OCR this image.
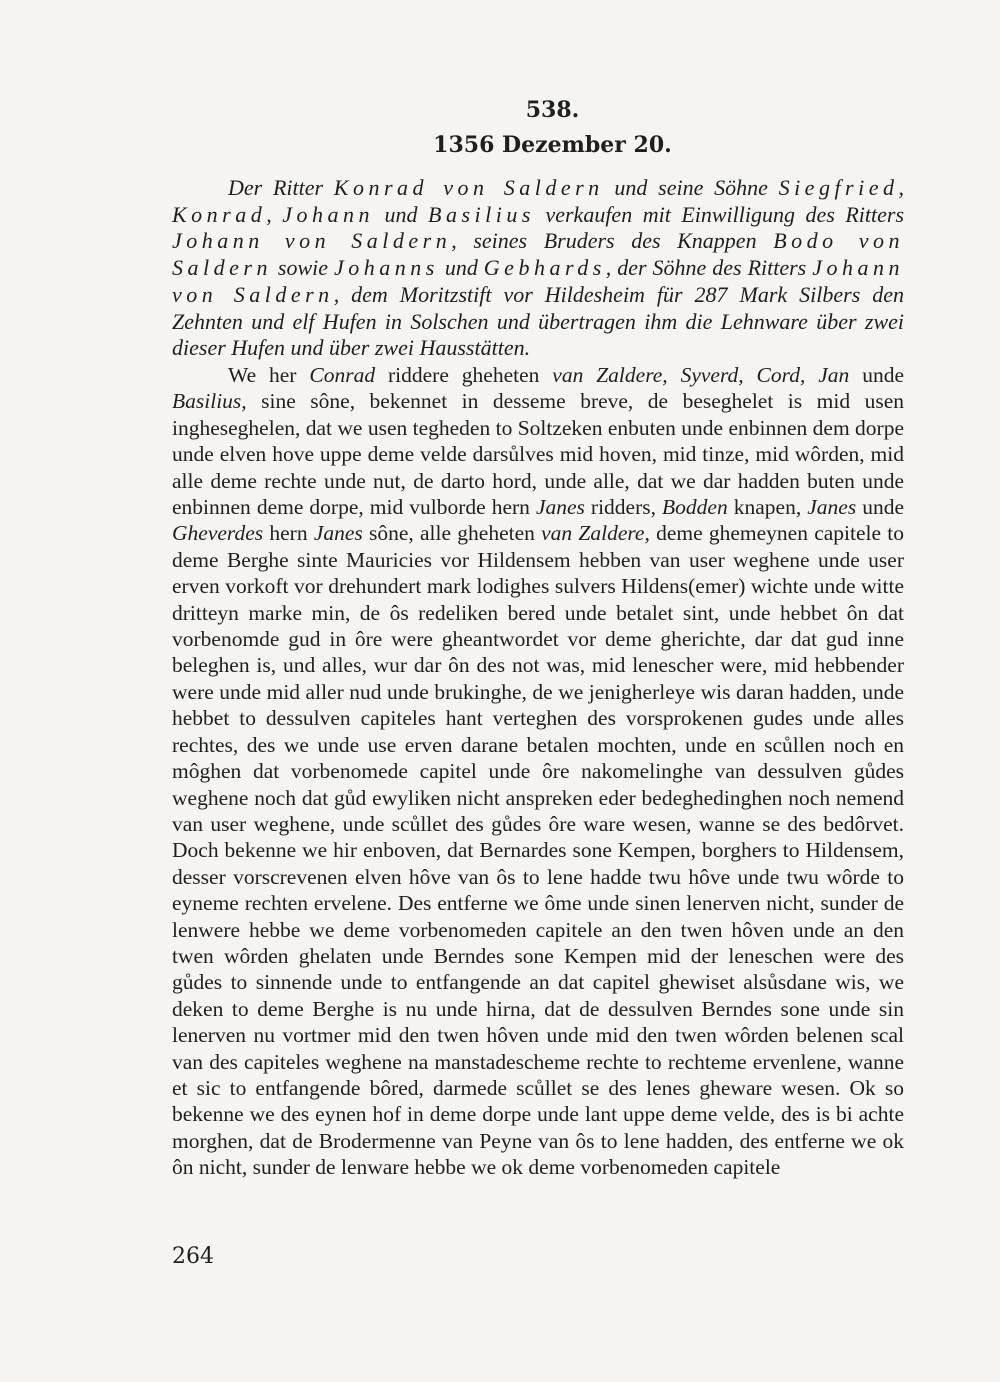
538.
1356 Dezember 20.

Der Ritter Konrad von Saldern und seine Söhne Siegfried, Konrad, Johann und Basilius verkaufen mit Einwilligung des Ritters Johann von Saldern, seines Bruders des Knappen Bodo von Saldern sowie Johanns und Gebhards, der Söhne des Ritters Johann von Saldern, dem Moritzstift vor Hildesheim für 287 Mark Silbers den Zehnten und elf Hufen in Solschen und übertragen ihm die Lehnware über zwei dieser Hufen und über zwei Hausstätten.

We her Conrad riddere gheheten van Zaldere, Syverd, Cord, Jan unde Basilius, sine sône, bekennet in desseme breve, de beseghelet is mid usen ingheseghelen, dat we usen tegheden to Soltzeken enbuten unde enbinnen dem dorpe unde elven hove uppe deme velde darsůlves mid hoven, mid tinze, mid wôrden, mid alle deme rechte unde nut, de darto hord, unde alle, dat we dar hadden buten unde enbinnen deme dorpe, mid vulborde hern Janes ridders, Bodden knapen, Janes unde Gheverdes hern Janes sône, alle gheheten van Zaldere, deme ghemeynen capitele to deme Berghe sinte Mauricies vor Hildensem hebben van user weghene unde user erven vorkoft vor drehundert mark lodighes sulvers Hildens(emer) wichte unde witte dritteyn marke min, de ôs redeliken bered unde betalet sint, unde hebbet ôn dat vorbenomde gud in ôre were gheantwordet vor deme gherichte, dar dat gud inne beleghen is, und alles, wur dar ôn des not was, mid lenescher were, mid hebbender were unde mid aller nud unde brukinghe, de we jenigherleye wis daran hadden, unde hebbet to dessulven capiteles hant verteghen des vorsprokenen gudes unde alles rechtes, des we unde use erven darane betalen mochten, unde en scůllen noch en môghen dat vorbenomede capitel unde ôre nakomelinghe van dessulven gůdes weghene noch dat gůd ewyliken nicht anspreken eder bedeghedinghen noch nemend van user weghene, unde scůllet des gůdes ôre ware wesen, wanne se des bedôrvet. Doch bekenne we hir enboven, dat Bernardes sone Kempen, borghers to Hildensem, desser vorscrevenen elven hôve van ôs to lene hadde twu hôve unde twu wôrde to eyneme rechten ervelene. Des entferne we ôme unde sinen lenerven nicht, sunder de lenwere hebbe we deme vorbenomeden capitele an den twen hôven unde an den twen wôrden ghelaten unde Berndes sone Kempen mid der leneschen were des gůdes to sinnende unde to entfangende an dat capitel ghewiset alsůsdane wis, we deken to deme Berghe is nu unde hirna, dat de dessulven Berndes sone unde sin lenerven nu vortmer mid den twen hôven unde mid den twen wôrden belenen scal van des capiteles weghene na manstadescheme rechte to rechteme ervenlene, wanne et sic to entfangende bôred, darmede scůllet se des lenes gheware wesen. Ok so bekenne we des eynen hof in deme dorpe unde lant uppe deme velde, des is bi achte morghen, dat de Brodermenne van Peyne van ôs to lene hadden, des entferne we ok ôn nicht, sunder de lenware hebbe we ok deme vorbenomeden capitele

264
